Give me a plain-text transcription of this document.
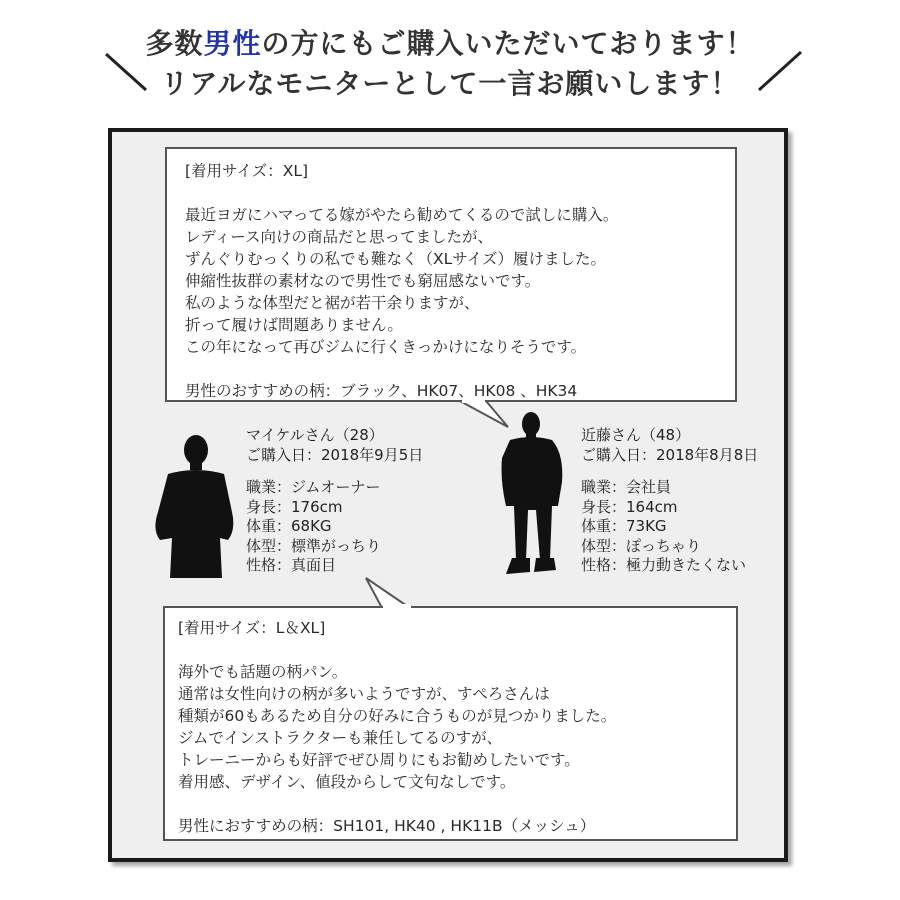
多数男性の方にもご購入いただいております！
リアルなモニターとして一言お願いします！
[着用サイズ：XL]
最近ヨガにハマってる嫁がやたら勧めてくるので試しに購入。
レディース向けの商品だと思ってましたが、
ずんぐりむっくりの私でも難なく（XLサイズ）履けました。
伸縮性抜群の素材なので男性でも窮屈感ないです。
私のような体型だと裾が若干余りますが、
折って履けば問題ありません。
この年になって再びジムに行くきっかけになりそうです。
男性のおすすめの柄：ブラック、HK07、HK08 、HK34
マイケルさん（28）
ご購入日：2018年9月5日
職業：ジムオーナー
身長：176cm
体重：68KG
体型：標準がっちり
性格：真面目
近藤さん（48）
ご購入日：2018年8月8日
職業：会社員
身長：164cm
体重：73KG
体型：ぽっちゃり
性格：極力動きたくない
[着用サイズ：L＆XL]
海外でも話題の柄パン。
通常は女性向けの柄が多いようですが、すぺろさんは
種類が60もあるため自分の好みに合うものが見つかりました。
ジムでインストラクターも兼任してるのすが、
トレーニーからも好評でぜひ周りにもお勧めしたいです。
着用感、デザイン、値段からして文句なしです。
男性におすすめの柄：SH101, HK40 , HK11B（メッシュ）
